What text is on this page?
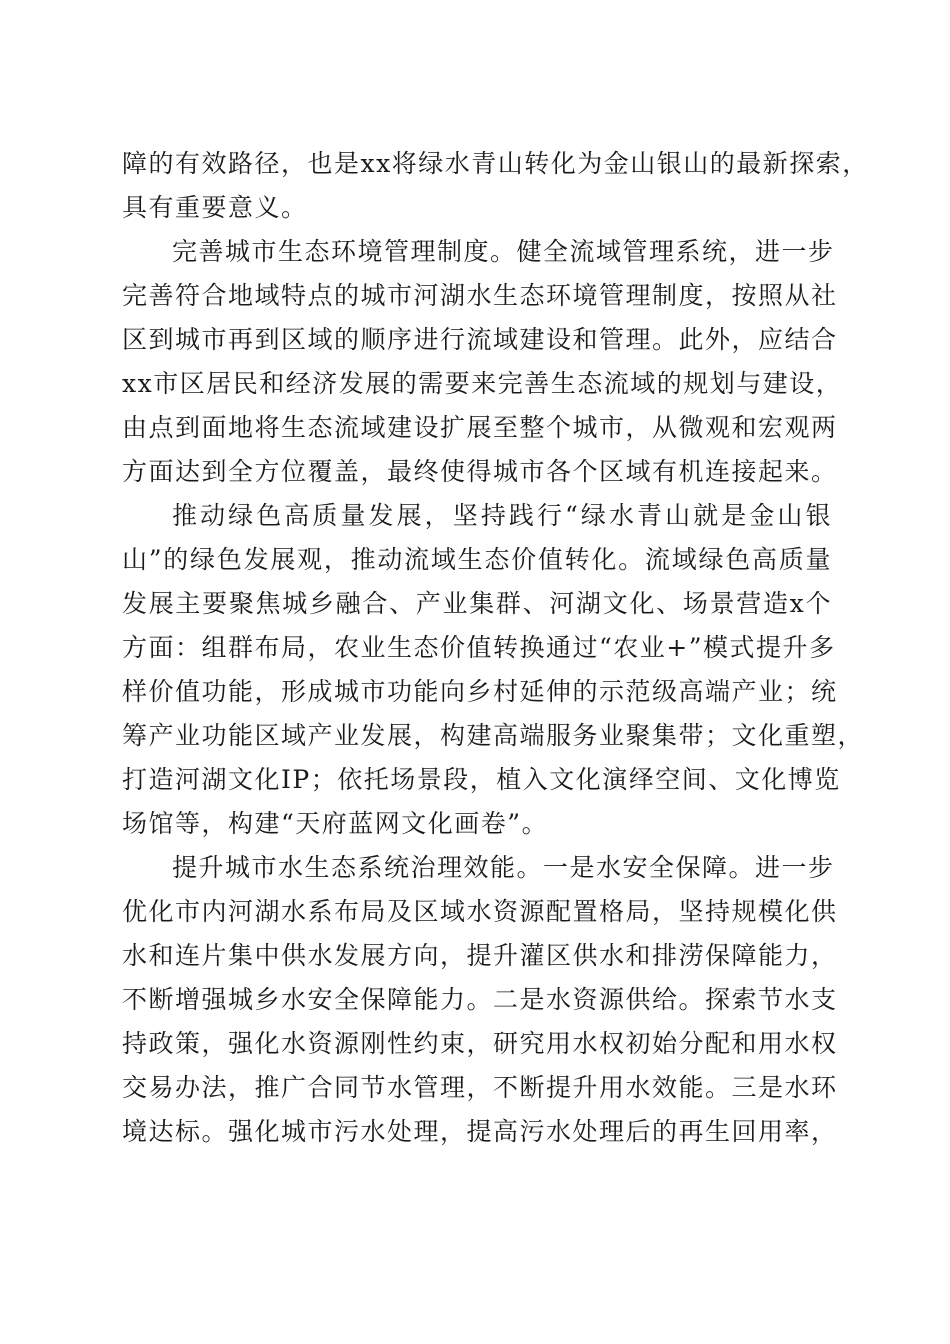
障的有效路径，也是xx将绿水青山转化为金山银山的最新探索，
具有重要意义。
完善城市生态环境管理制度。健全流域管理系统，进一步
完善符合地域特点的城市河湖水生态环境管理制度，按照从社
区到城市再到区域的顺序进行流域建设和管理。此外，应结合
xx市区居民和经济发展的需要来完善生态流域的规划与建设，
由点到面地将生态流域建设扩展至整个城市，从微观和宏观两
方面达到全方位覆盖，最终使得城市各个区域有机连接起来。
推动绿色高质量发展，坚持践行“绿水青山就是金山银
山”的绿色发展观，推动流域生态价值转化。流域绿色高质量
发展主要聚焦城乡融合、产业集群、河湖文化、场景营造x个
方面：组群布局，农业生态价值转换通过“农业+”模式提升多
样价值功能，形成城市功能向乡村延伸的示范级高端产业；统
筹产业功能区域产业发展，构建高端服务业聚集带；文化重塑，
打造河湖文化IP；依托场景段，植入文化演绎空间、文化博览
场馆等，构建“天府蓝网文化画卷”。
提升城市水生态系统治理效能。一是水安全保障。进一步
优化市内河湖水系布局及区域水资源配置格局，坚持规模化供
水和连片集中供水发展方向，提升灌区供水和排涝保障能力，
不断增强城乡水安全保障能力。二是水资源供给。探索节水支
持政策，强化水资源刚性约束，研究用水权初始分配和用水权
交易办法，推广合同节水管理，不断提升用水效能。三是水环
境达标。强化城市污水处理，提高污水处理后的再生回用率，
